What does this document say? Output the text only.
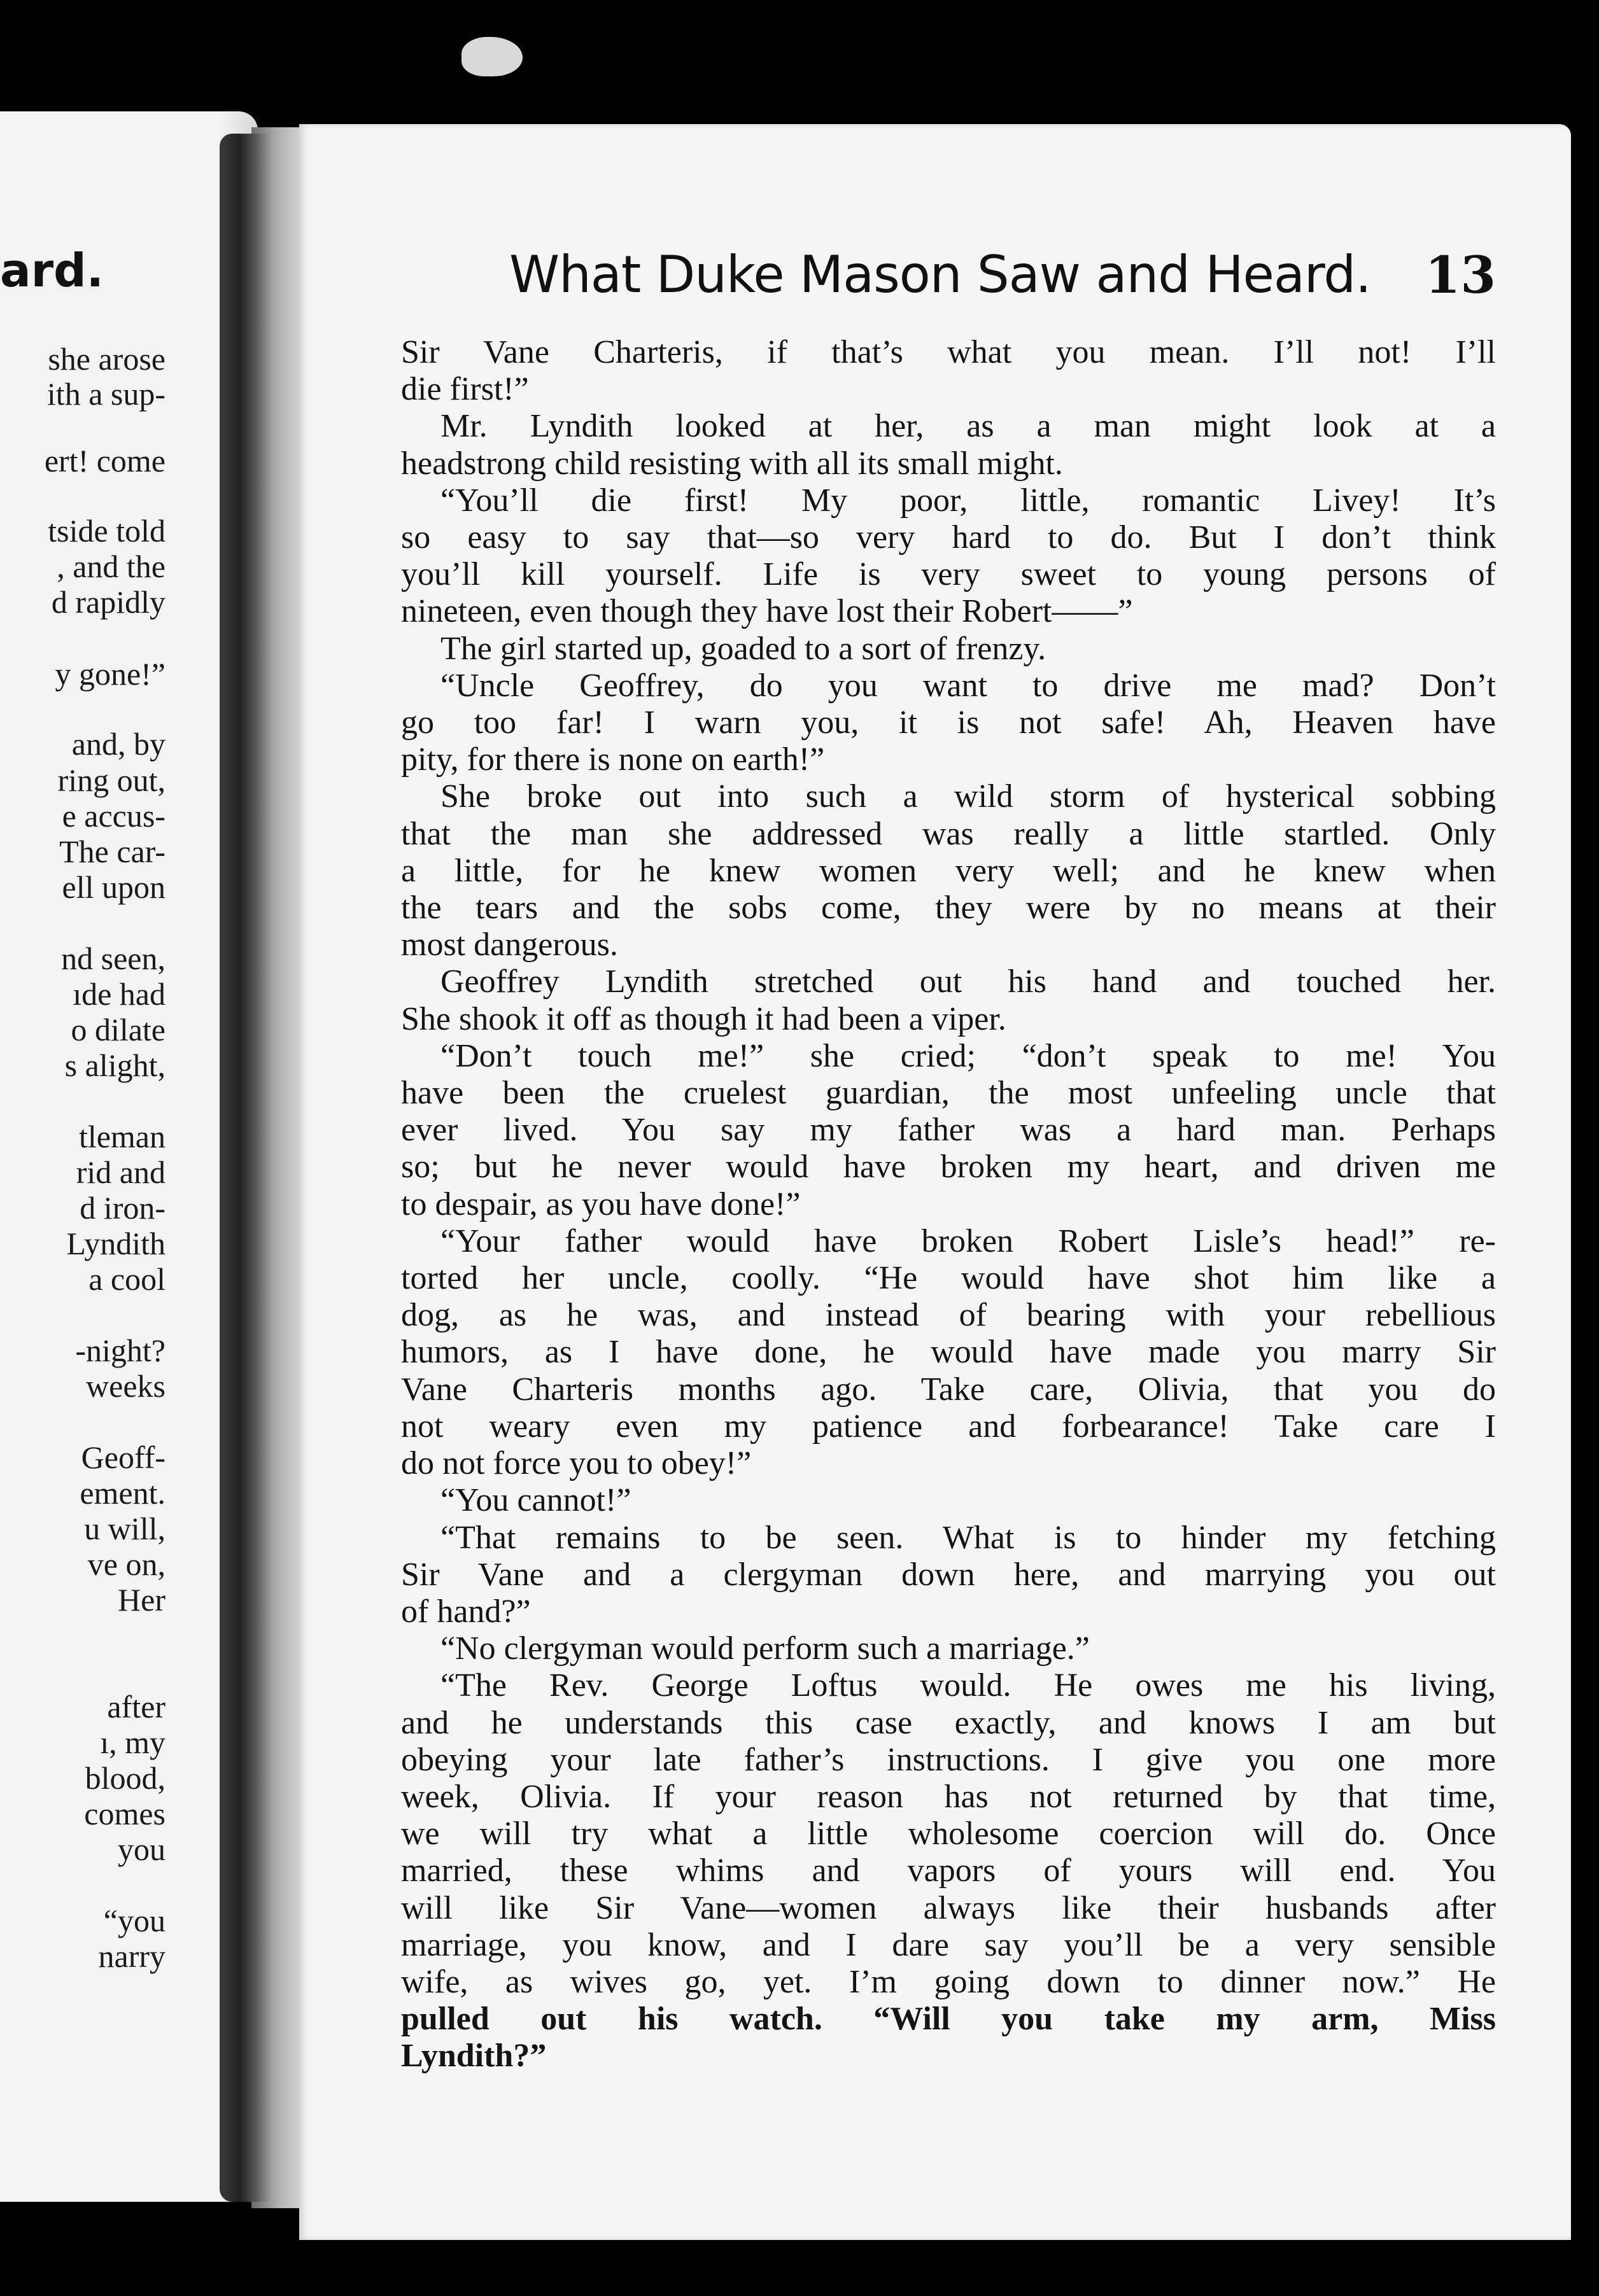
ard.
she arose
ith a sup-
ert! come
tside told
, and the
d rapidly
y gone!”
and, by
ring out,
e accus-
The car-
ell upon
nd seen,
ıde had
o dilate
s alight,
tleman
rid and
d iron-
Lyndith
a cool
-night?
weeks
Geoff-
ement.
u will,
ve on,
Her
after
ı, my
blood,
comes
you
“you
narry
What Duke Mason Saw and Heard. 13
Sir Vane Charteris, if that’s what you mean. I’ll not! I’ll
die first!”
Mr. Lyndith looked at her, as a man might look at a
headstrong child resisting with all its small might.
“You’ll die first! My poor, little, romantic Livey! It’s
so easy to say that—so very hard to do. But I don’t think
you’ll kill yourself. Life is very sweet to young persons of
nineteen, even though they have lost their Robert——”
The girl started up, goaded to a sort of frenzy.
“Uncle Geoffrey, do you want to drive me mad? Don’t
go too far! I warn you, it is not safe! Ah, Heaven have
pity, for there is none on earth!”
She broke out into such a wild storm of hysterical sobbing
that the man she addressed was really a little startled. Only
a little, for he knew women very well; and he knew when
the tears and the sobs come, they were by no means at their
most dangerous.
Geoffrey Lyndith stretched out his hand and touched her.
She shook it off as though it had been a viper.
“Don’t touch me!” she cried; “don’t speak to me! You
have been the cruelest guardian, the most unfeeling uncle that
ever lived. You say my father was a hard man. Perhaps
so; but he never would have broken my heart, and driven me
to despair, as you have done!”
“Your father would have broken Robert Lisle’s head!” re-
torted her uncle, coolly. “He would have shot him like a
dog, as he was, and instead of bearing with your rebellious
humors, as I have done, he would have made you marry Sir
Vane Charteris months ago. Take care, Olivia, that you do
not weary even my patience and forbearance! Take care I
do not force you to obey!”
“You cannot!”
“That remains to be seen. What is to hinder my fetching
Sir Vane and a clergyman down here, and marrying you out
of hand?”
“No clergyman would perform such a marriage.”
“The Rev. George Loftus would. He owes me his living,
and he understands this case exactly, and knows I am but
obeying your late father’s instructions. I give you one more
week, Olivia. If your reason has not returned by that time,
we will try what a little wholesome coercion will do. Once
married, these whims and vapors of yours will end. You
will like Sir Vane—women always like their husbands after
marriage, you know, and I dare say you’ll be a very sensible
wife, as wives go, yet. I’m going down to dinner now.” He
pulled out his watch. “Will you take my arm, Miss
Lyndith?”
